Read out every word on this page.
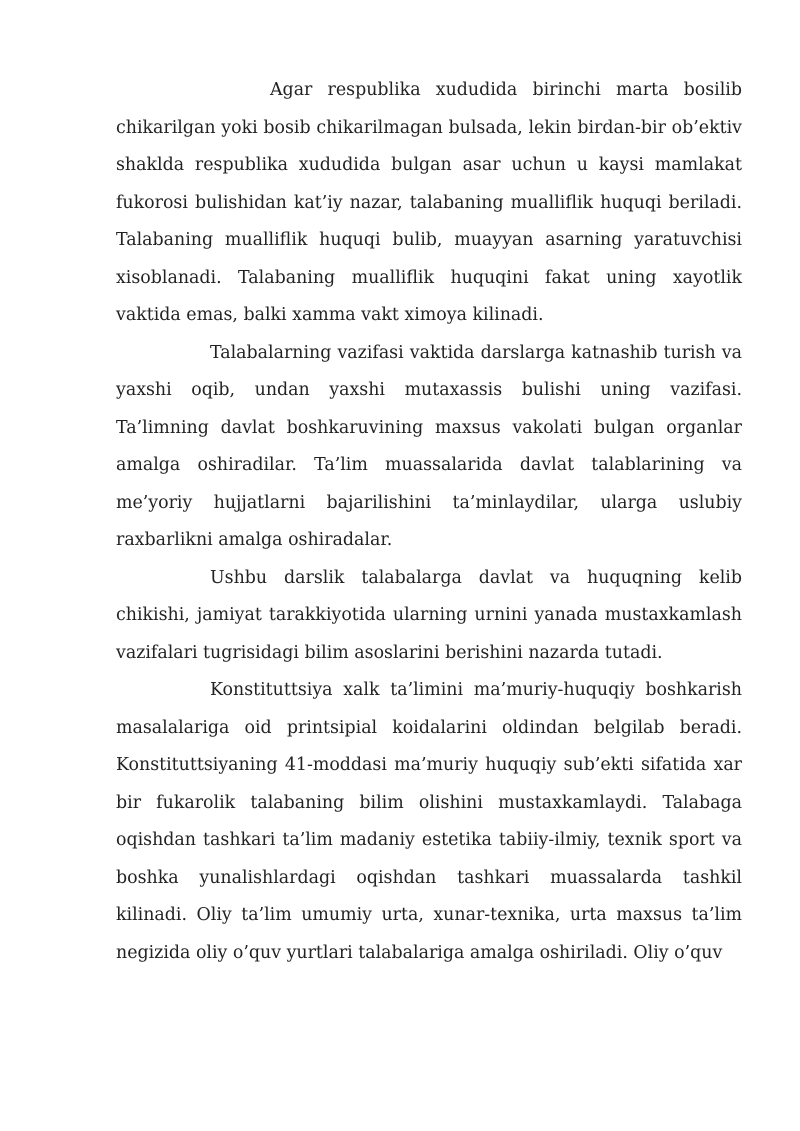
Agar respublika xududida birinchi marta bosilib chikarilgan yoki bosib chikarilmagan bulsada, lekin birdan-bir ob’ektiv shaklda respublika xududida bulgan asar uchun u kaysi mamlakat fukorosi bulishidan kat’iy nazar, talabaning mualliflik huquqi beriladi. Talabaning mualliflik huquqi bulib, muayyan asarning yaratuvchisi xisoblanadi. Talabaning mualliflik huquqini fakat uning xayotlik vaktida emas, balki xamma vakt ximoya kilinadi.

Talabalarning vazifasi vaktida darslarga katnashib turish va yaxshi oqib, undan yaxshi mutaxassis bulishi uning vazifasi. Ta’limning davlat boshkaruvining maxsus vakolati bulgan organlar amalga oshiradilar. Ta’lim muassalarida davlat talablarining va me’yoriy hujjatlarni bajarilishini ta’minlaydilar, ularga uslubiy raxbarlikni amalga oshiradalar.

Ushbu darslik talabalarga davlat va huquqning kelib chikishi, jamiyat tarakkiyotida ularning urnini yanada mustaxkamlash vazifalari tugrisidagi bilim asoslarini berishini nazarda tutadi.

Konstituttsiya xalk ta’limini ma’muriy-huquqiy boshkarish masalalariga oid printsipial koidalarini oldindan belgilab beradi. Konstituttsiyaning 41-moddasi ma’muriy huquqiy sub’ekti sifatida xar bir fukarolik talabaning bilim olishini mustaxkamlaydi. Talabaga oqishdan tashkari ta’lim madaniy estetika tabiiy-ilmiy, texnik sport va boshka yunalishlardagi oqishdan tashkari muassalarda tashkil kilinadi. Oliy ta’lim umumiy urta, xunar-texnika, urta maxsus ta’lim negizida oliy o’quv yurtlari talabalariga amalga oshiriladi. Oliy o’quv
